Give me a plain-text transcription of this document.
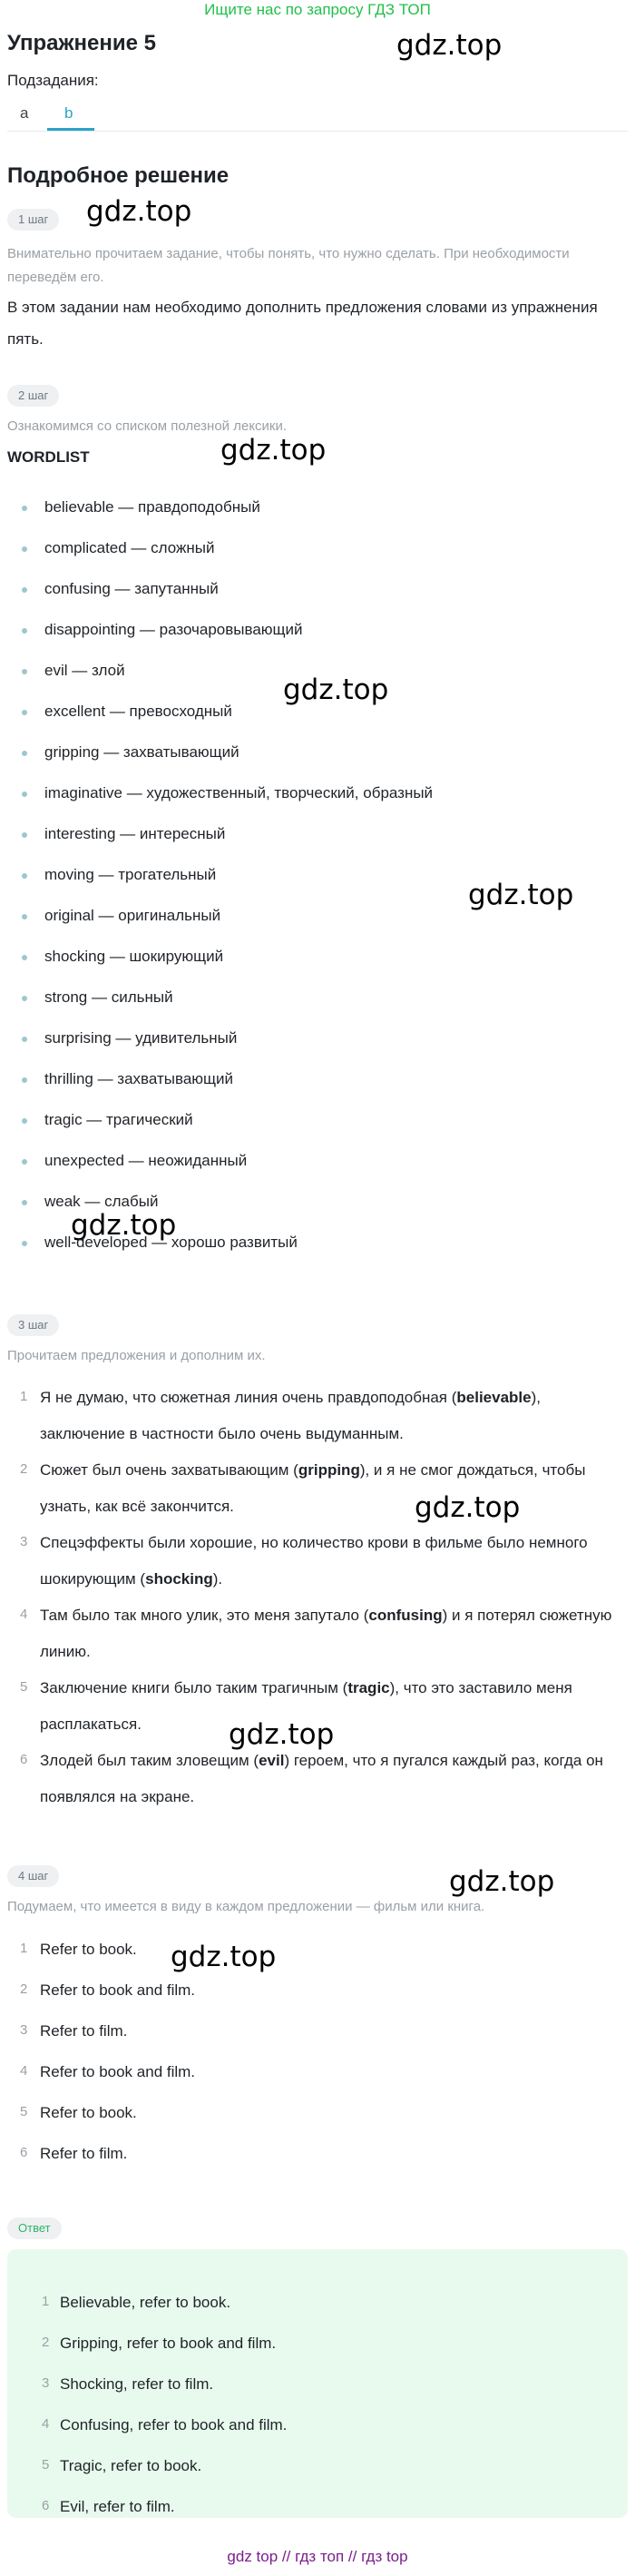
Ищите нас по запросу ГДЗ ТОП
Упражнение 5	gdz.top
gdz.top
gdz.top
gdz.top
gdz.top
gdz.top
gdz.top
gdz.top
gdz.top
gdz.top
Подзадания:
a b
Подробное решение
1 шаг
Внимательно прочитаем задание, чтобы понять, что нужно сделать. При необходимости переведём его.
В этом задании нам необходимо дополнить предложения словами из упражнения пять.
2 шаг
Ознакомимся со списком полезной лексики.
WORDLIST
believable — правдоподобный
complicated — сложный
confusing — запутанный
disappointing — разочаровывающий
evil — злой
excellent — превосходный
gripping — захватывающий
imaginative — художественный, творческий, образный
interesting — интересный
moving — трогательный
original — оригинальный
shocking — шокирующий
strong — сильный
surprising — удивительный
thrilling — захватывающий
tragic — трагический
unexpected — неожиданный
weak — слабый
well-developed — хорошо развитый
3 шаг
Прочитаем предложения и дополним их.
1 Я не думаю, что сюжетная линия очень правдоподобная (believable), заключение в частности было очень выдуманным.
2 Сюжет был очень захватывающим (gripping), и я не смог дождаться, чтобы узнать, как всё закончится.
3 Спецэффекты были хорошие, но количество крови в фильме было немного шокирующим (shocking).
4 Там было так много улик, это меня запутало (confusing) и я потерял сюжетную линию.
5 Заключение книги было таким трагичным (tragic), что это заставило меня расплакаться.
6 Злодей был таким зловещим (evil) героем, что я пугался каждый раз, когда он появлялся на экране.
4 шаг
Подумаем, что имеется в виду в каждом предложении — фильм или книга.
1 Refer to book.
2 Refer to book and film.
3 Refer to film.
4 Refer to book and film.
5 Refer to book.
6 Refer to film.
Ответ
1 Believable, refer to book.
2 Gripping, refer to book and film.
3 Shocking, refer to film.
4 Confusing, refer to book and film.
5 Tragic, refer to book.
6 Evil, refer to film.
gdz top // гдз топ // гдз top
